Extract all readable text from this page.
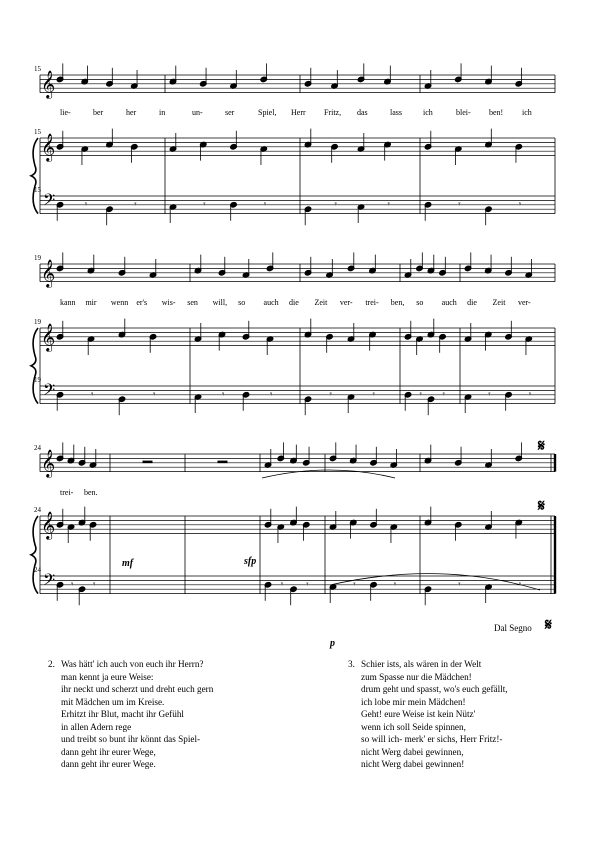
𝄞
𝄞
𝄢	𝄾	𝄾	𝄾	𝄾	𝄾	𝄾	𝄾	𝄾
𝄞
𝄞
𝄢	𝄾	𝄾	𝄾	𝄾	𝄾	𝄾	𝄾 𝄾	𝄾	𝄾
𝄞
𝄞
𝄢 𝄾 𝄾	𝄾	𝄾	𝄾	𝄾	𝄾	𝄾
15
15
15
lie-	ber	her	in	un-	ser	Spiel, Herr Fritz, das	lass	ich	blei- ben! ich
19
19
19
kann mir wenn er's wis- sen will, so auch die Zeit ver- trei- ben, so auch die Zeit ver-
24
24
24
trei- ben.
mf	sfp
p
𝄋
𝄋
𝄋
Dal Segno
2. Was hätt' ich auch von euch ihr Herrn?
man kennt ja eure Weise:
ihr neckt und scherzt und dreht euch gern
mit Mädchen um im Kreise.
Erhitzt ihr Blut, macht ihr Gefühl
in allen Adern rege
und treibt so bunt ihr könnt das Spiel-
dann geht ihr eurer Wege,
dann geht ihr eurer Wege.
3. Schier ists, als wären in der Welt
zum Spasse nur die Mädchen!
drum geht und spasst, wo's euch gefällt,
ich lobe mir mein Mädchen!
Geht! eure Weise ist kein Nütz'
wenn ich soll Seide spinnen,
so will ich- merk' er sichs, Herr Fritz!-
nicht Werg dabei gewinnen,
nicht Werg dabei gewinnen!
